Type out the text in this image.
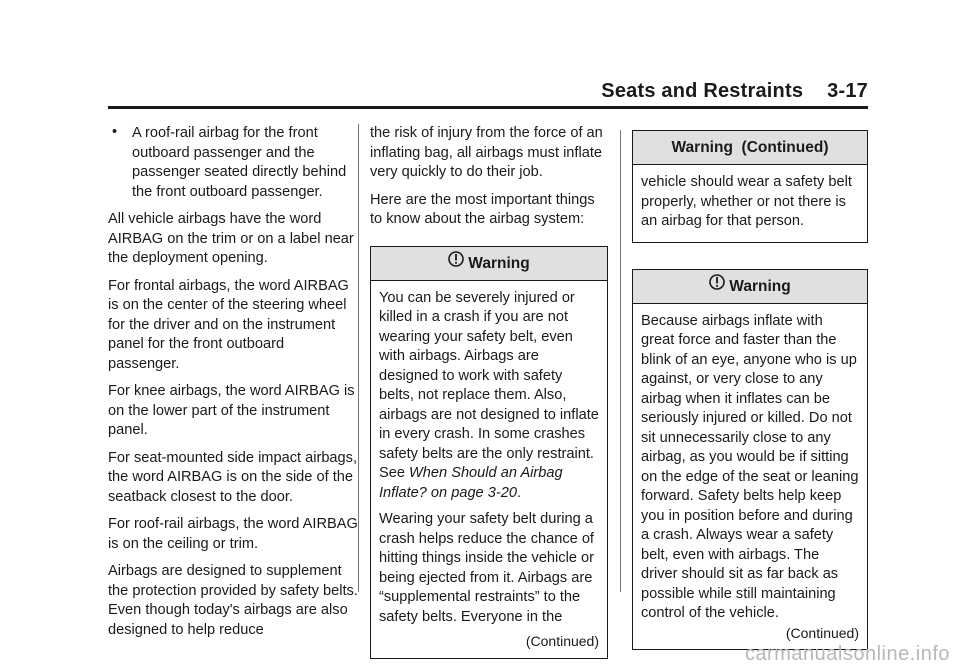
Seats and Restraints 3-17
• A roof-rail airbag for the front outboard passenger and the passenger seated directly behind the front outboard passenger.

All vehicle airbags have the word AIRBAG on the trim or on a label near the deployment opening.

For frontal airbags, the word AIRBAG is on the center of the steering wheel for the driver and on the instrument panel for the front outboard passenger.

For knee airbags, the word AIRBAG is on the lower part of the instrument panel.

For seat-mounted side impact airbags, the word AIRBAG is on the side of the seatback closest to the door.

For roof-rail airbags, the word AIRBAG is on the ceiling or trim.

Airbags are designed to supplement the protection provided by safety belts. Even though today's airbags are also designed to help reduce

the risk of injury from the force of an inflating bag, all airbags must inflate very quickly to do their job.

Here are the most important things to know about the airbag system:

Warning

You can be severely injured or killed in a crash if you are not wearing your safety belt, even with airbags. Airbags are designed to work with safety belts, not replace them. Also, airbags are not designed to inflate in every crash. In some crashes safety belts are the only restraint. See When Should an Airbag Inflate? on page 3-20.

Wearing your safety belt during a crash helps reduce the chance of hitting things inside the vehicle or being ejected from it. Airbags are “supplemental restraints” to the safety belts. Everyone in the

(Continued)
Warning  (Continued)

vehicle should wear a safety belt properly, whether or not there is an airbag for that person.

Warning

Because airbags inflate with great force and faster than the blink of an eye, anyone who is up against, or very close to any airbag when it inflates can be seriously injured or killed. Do not sit unnecessarily close to any airbag, as you would be if sitting on the edge of the seat or leaning forward. Safety belts help keep you in position before and during a crash. Always wear a safety belt, even with airbags. The driver should sit as far back as possible while still maintaining control of the vehicle.

(Continued)
carmanualsonline.info
